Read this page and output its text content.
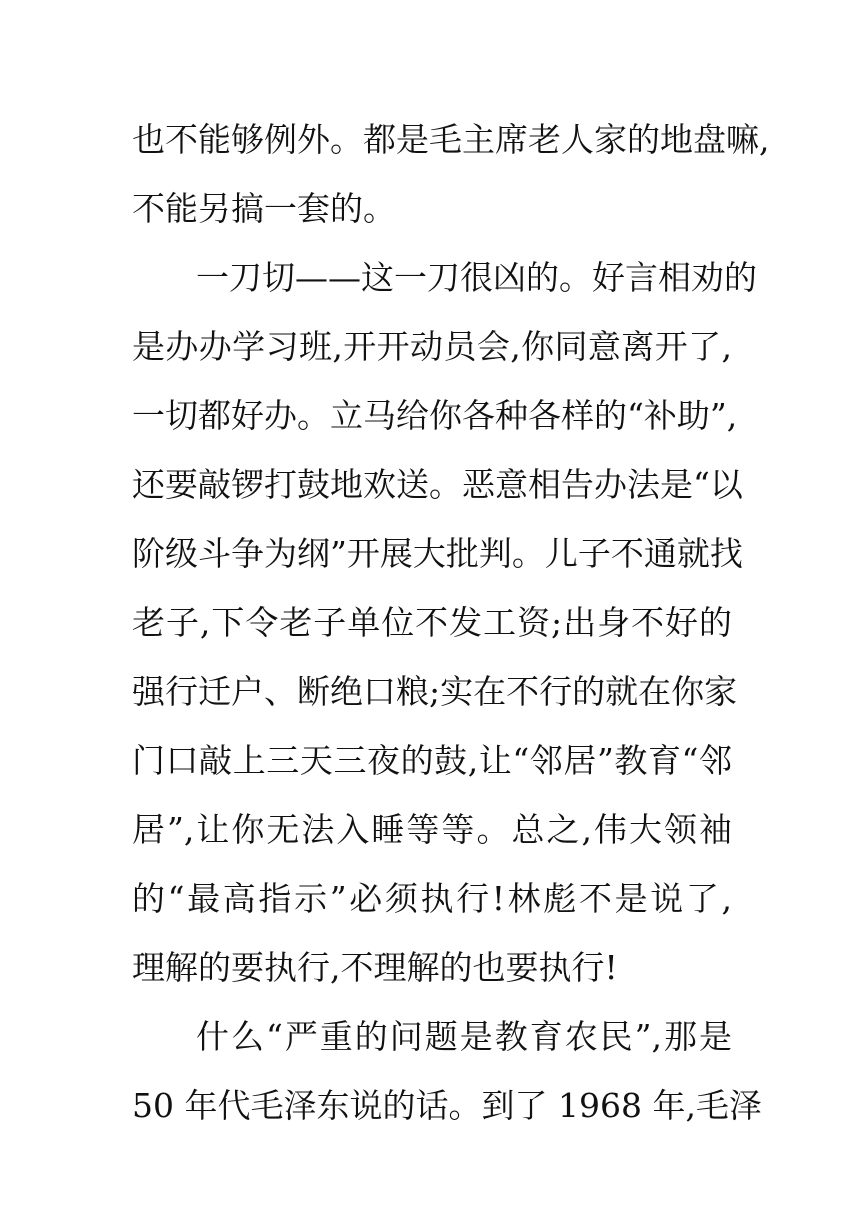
也不能够例外。都是毛主席老人家的地盘嘛,
不能另搞一套的。
一刀切——这一刀很凶的。好言相劝的
是办办学习班,开开动员会,你同意离开了,
一切都好办。立马给你各种各样的“补助”,
还要敲锣打鼓地欢送。恶意相告办法是“以
阶级斗争为纲”开展大批判。儿子不通就找
老子,下令老子单位不发工资;出身不好的
强行迁户、断绝口粮;实在不行的就在你家
门口敲上三天三夜的鼓,让“邻居”教育“邻
居”,让你无法入睡等等。总之,伟大领袖
的“最高指示”必须执行!林彪不是说了,
理解的要执行,不理解的也要执行!
什么“严重的问题是教育农民”,那是
50 年代毛泽东说的话。到了 1968 年,毛泽
